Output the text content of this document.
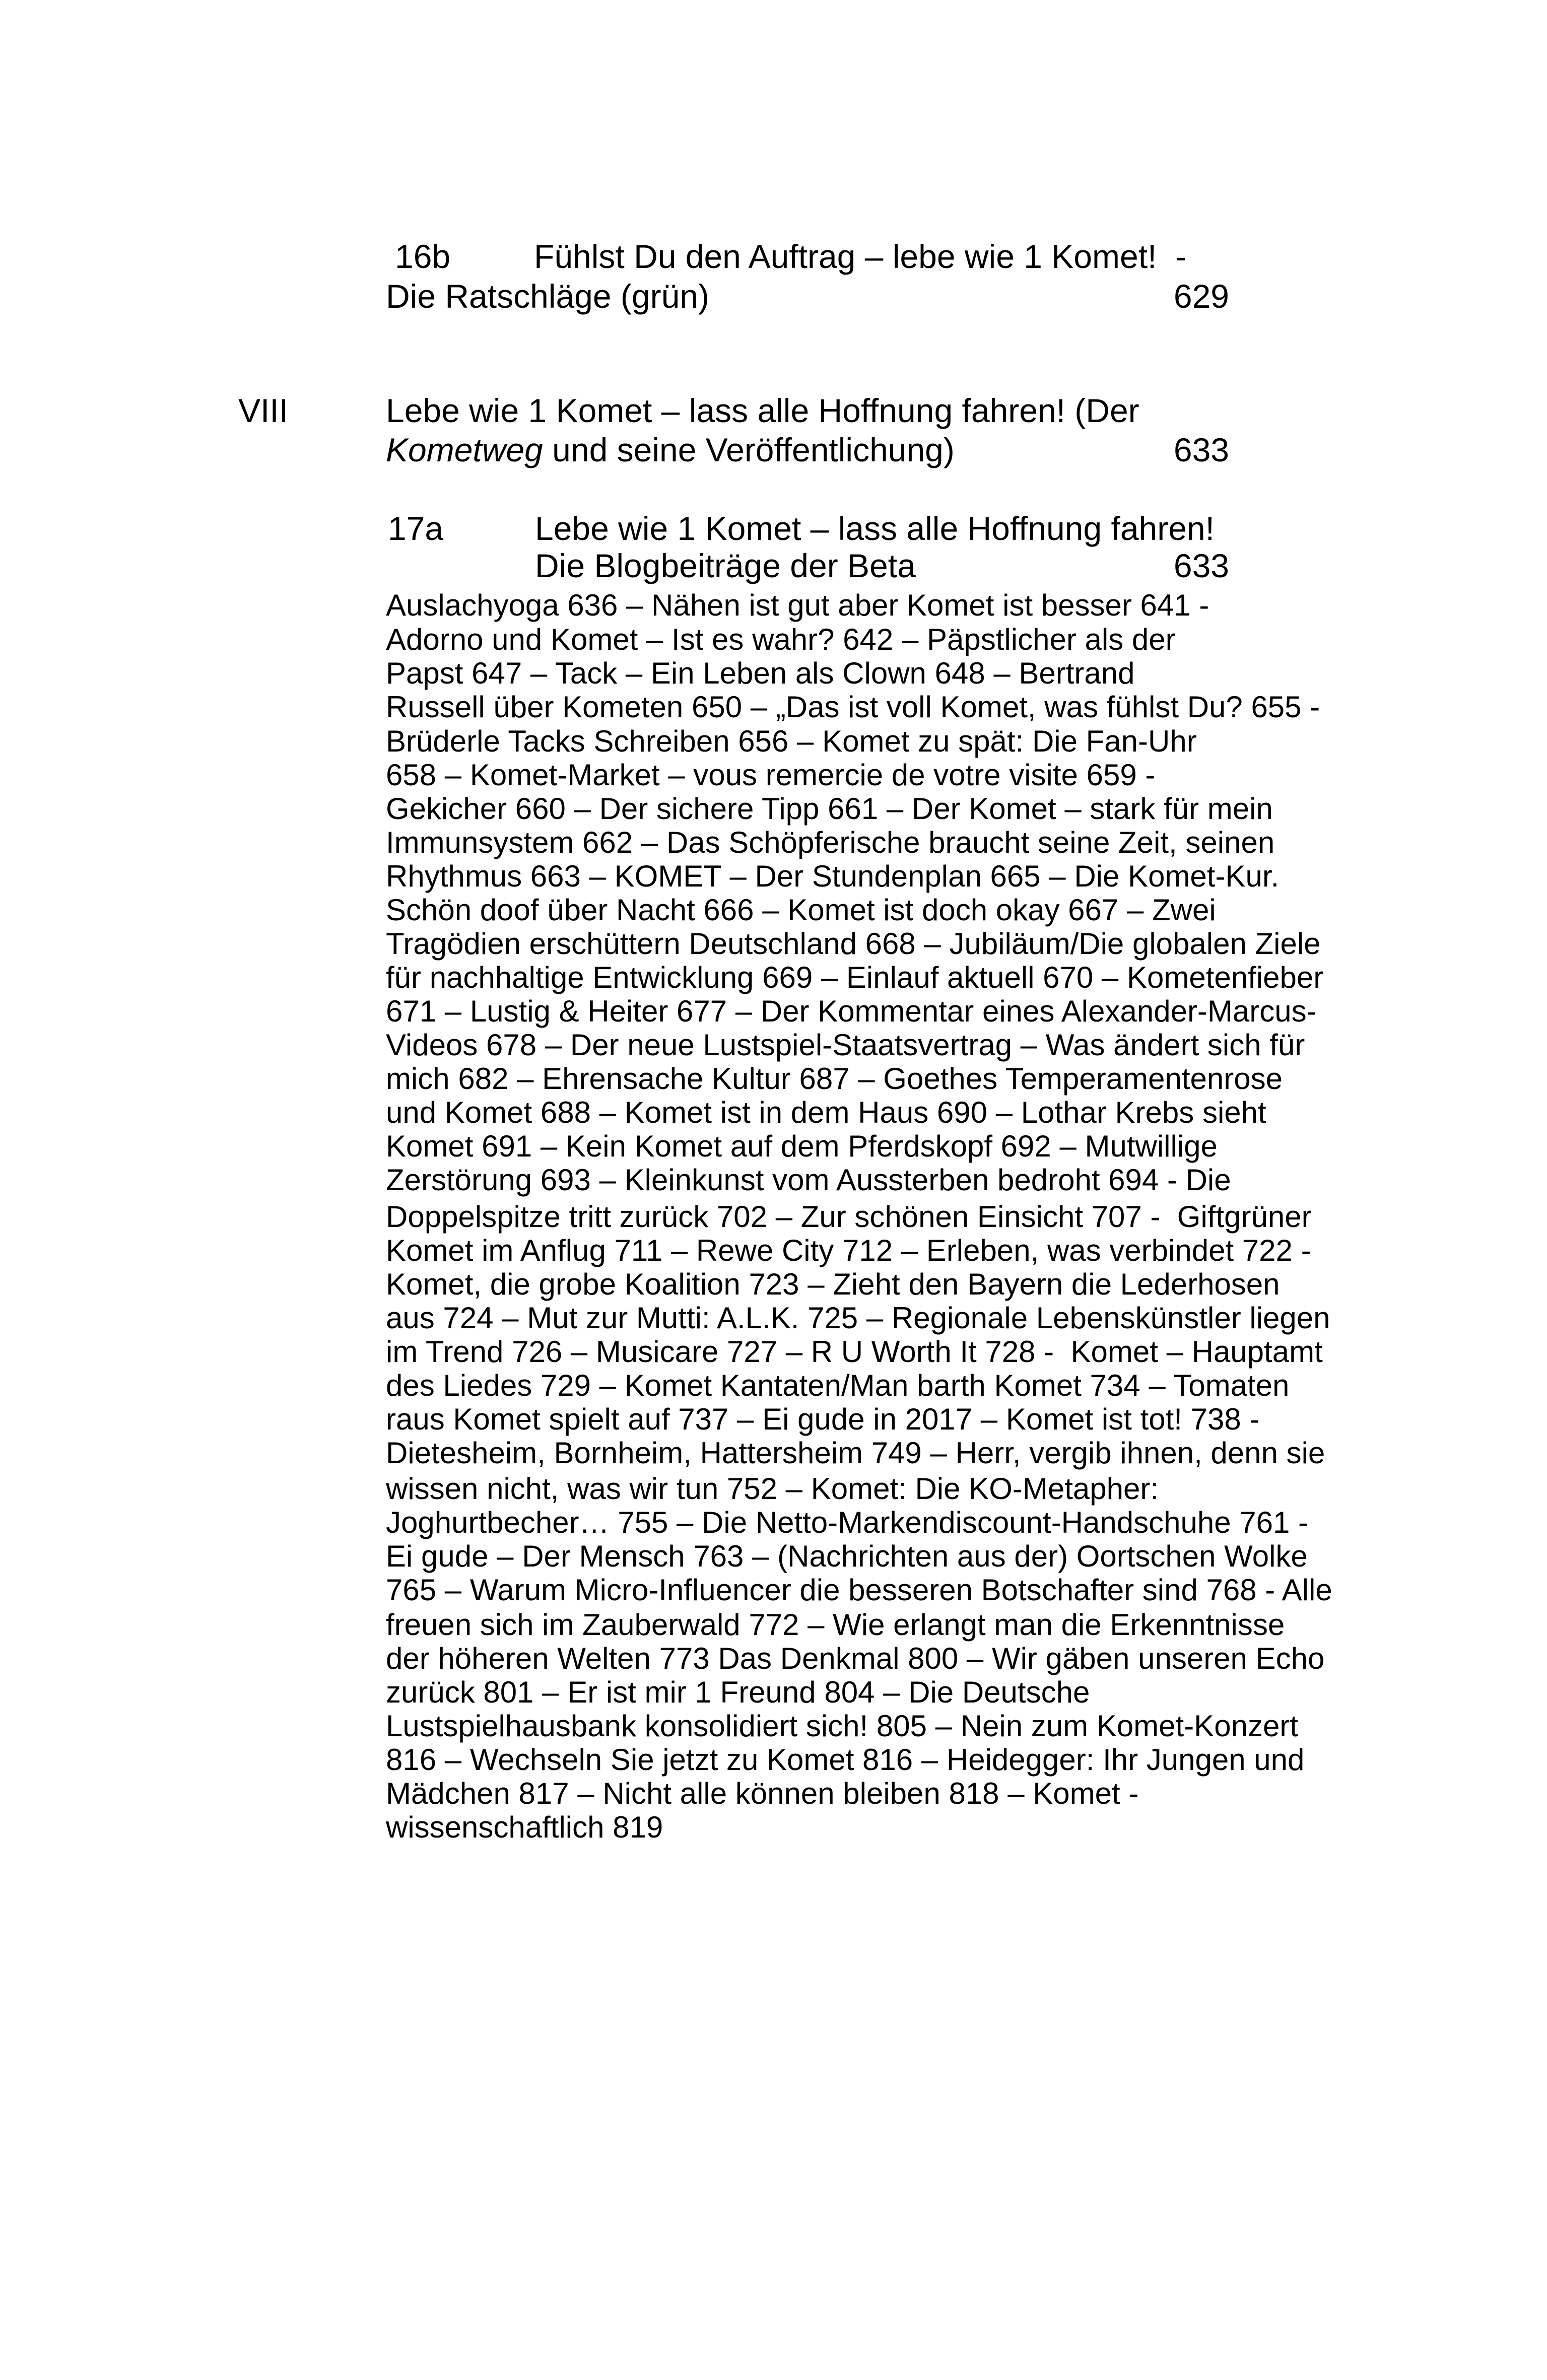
16b	Fühlst Du den Auftrag – lebe wie 1 Komet!  -
Die Ratschläge (grün)	629
VIII	Lebe wie 1 Komet – lass alle Hoffnung fahren! (Der
Kometweg und seine Veröffentlichung)	633
17a	Lebe wie 1 Komet – lass alle Hoffnung fahren!
Die Blogbeiträge der Beta	633
Auslachyoga 636 – Nähen ist gut aber Komet ist besser 641 -
Adorno und Komet – Ist es wahr? 642 – Päpstlicher als der
Papst 647 – Tack – Ein Leben als Clown 648 – Bertrand
Russell über Kometen 650 – „Das ist voll Komet, was fühlst Du? 655 -
Brüderle Tacks Schreiben 656 – Komet zu spät: Die Fan-Uhr
658 – Komet-Market – vous remercie de votre visite 659 -
Gekicher 660 – Der sichere Tipp 661 – Der Komet – stark für mein
Immunsystem 662 – Das Schöpferische braucht seine Zeit, seinen
Rhythmus 663 – KOMET – Der Stundenplan 665 – Die Komet-Kur.
Schön doof über Nacht 666 – Komet ist doch okay 667 – Zwei
Tragödien erschüttern Deutschland 668 – Jubiläum/Die globalen Ziele
für nachhaltige Entwicklung 669 – Einlauf aktuell 670 – Kometenfieber
671 – Lustig & Heiter 677 – Der Kommentar eines Alexander-Marcus-
Videos 678 – Der neue Lustspiel-Staatsvertrag – Was ändert sich für
mich 682 – Ehrensache Kultur 687 – Goethes Temperamentenrose
und Komet 688 – Komet ist in dem Haus 690 – Lothar Krebs sieht
Komet 691 – Kein Komet auf dem Pferdskopf 692 – Mutwillige
Zerstörung 693 – Kleinkunst vom Aussterben bedroht 694 - Die
Doppelspitze tritt zurück 702 – Zur schönen Einsicht 707 -  Giftgrüner
Komet im Anflug 711 – Rewe City 712 – Erleben, was verbindet 722 -
Komet, die grobe Koalition 723 – Zieht den Bayern die Lederhosen
aus 724 – Mut zur Mutti: A.L.K. 725 – Regionale Lebenskünstler liegen
im Trend 726 – Musicare 727 – R U Worth It 728 -  Komet – Hauptamt
des Liedes 729 – Komet Kantaten/Man barth Komet 734 – Tomaten
raus Komet spielt auf 737 – Ei gude in 2017 – Komet ist tot! 738 -
Dietesheim, Bornheim, Hattersheim 749 – Herr, vergib ihnen, denn sie
wissen nicht, was wir tun 752 – Komet: Die KO-Metapher:
Joghurtbecher… 755 – Die Netto-Markendiscount-Handschuhe 761 -
Ei gude – Der Mensch 763 – (Nachrichten aus der) Oortschen Wolke
765 – Warum Micro-Influencer die besseren Botschafter sind 768 - Alle
freuen sich im Zauberwald 772 – Wie erlangt man die Erkenntnisse
der höheren Welten 773 Das Denkmal 800 – Wir gäben unseren Echo
zurück 801 – Er ist mir 1 Freund 804 – Die Deutsche
Lustspielhausbank konsolidiert sich! 805 – Nein zum Komet-Konzert
816 – Wechseln Sie jetzt zu Komet 816 – Heidegger: Ihr Jungen und
Mädchen 817 – Nicht alle können bleiben 818 – Komet -
wissenschaftlich 819
